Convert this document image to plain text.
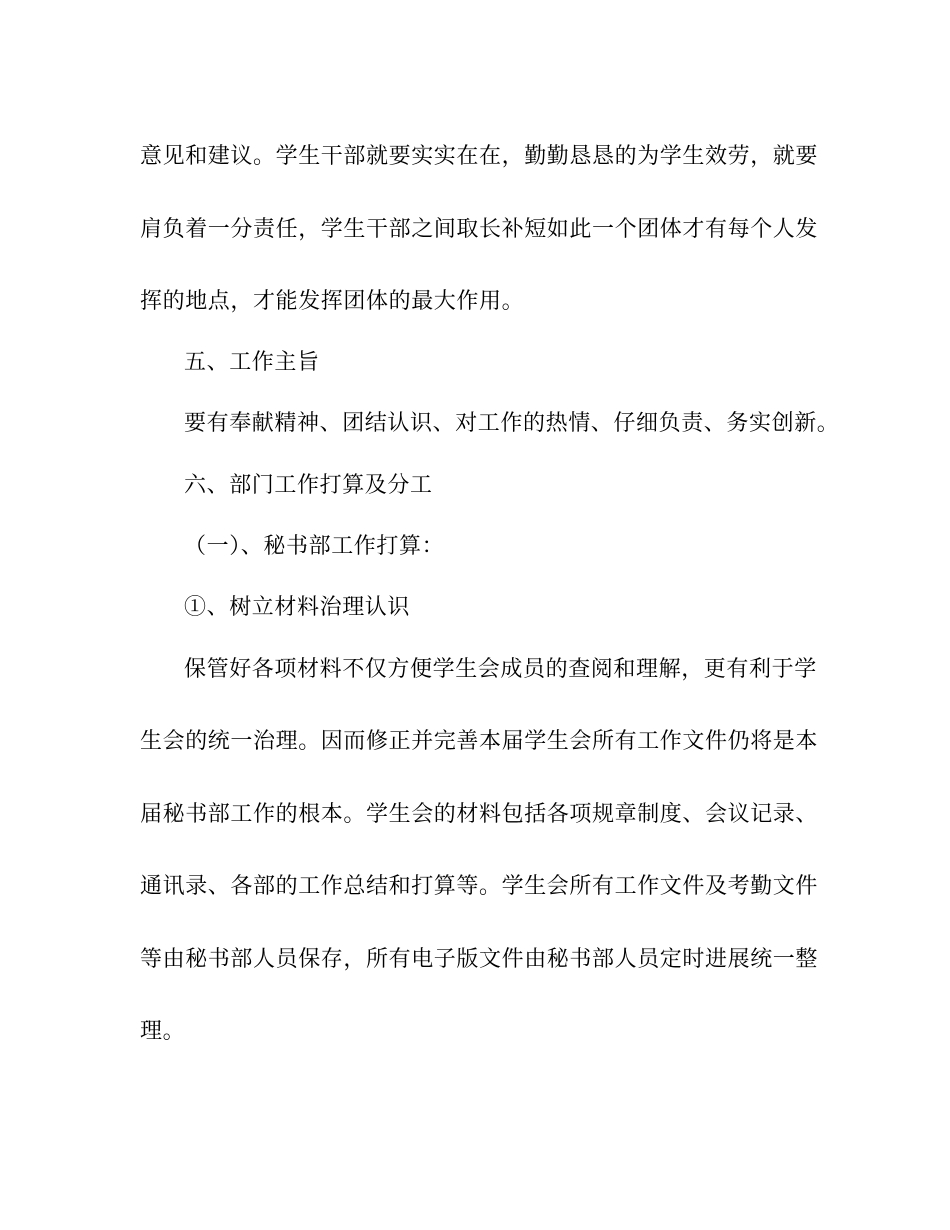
意见和建议。学生干部就要实实在在，勤勤恳恳的为学生效劳，就要
肩负着一分责任，学生干部之间取长补短如此一个团体才有每个人发
挥的地点，才能发挥团体的最大作用。
五、工作主旨
要有奉献精神、团结认识、对工作的热情、仔细负责、务实创新。
六、部门工作打算及分工
（一）、秘书部工作打算：
①、树立材料治理认识
保管好各项材料不仅方便学生会成员的查阅和理解，更有利于学
生会的统一治理。因而修正并完善本届学生会所有工作文件仍将是本
届秘书部工作的根本。学生会的材料包括各项规章制度、会议记录、
通讯录、各部的工作总结和打算等。学生会所有工作文件及考勤文件
等由秘书部人员保存，所有电子版文件由秘书部人员定时进展统一整
理。
